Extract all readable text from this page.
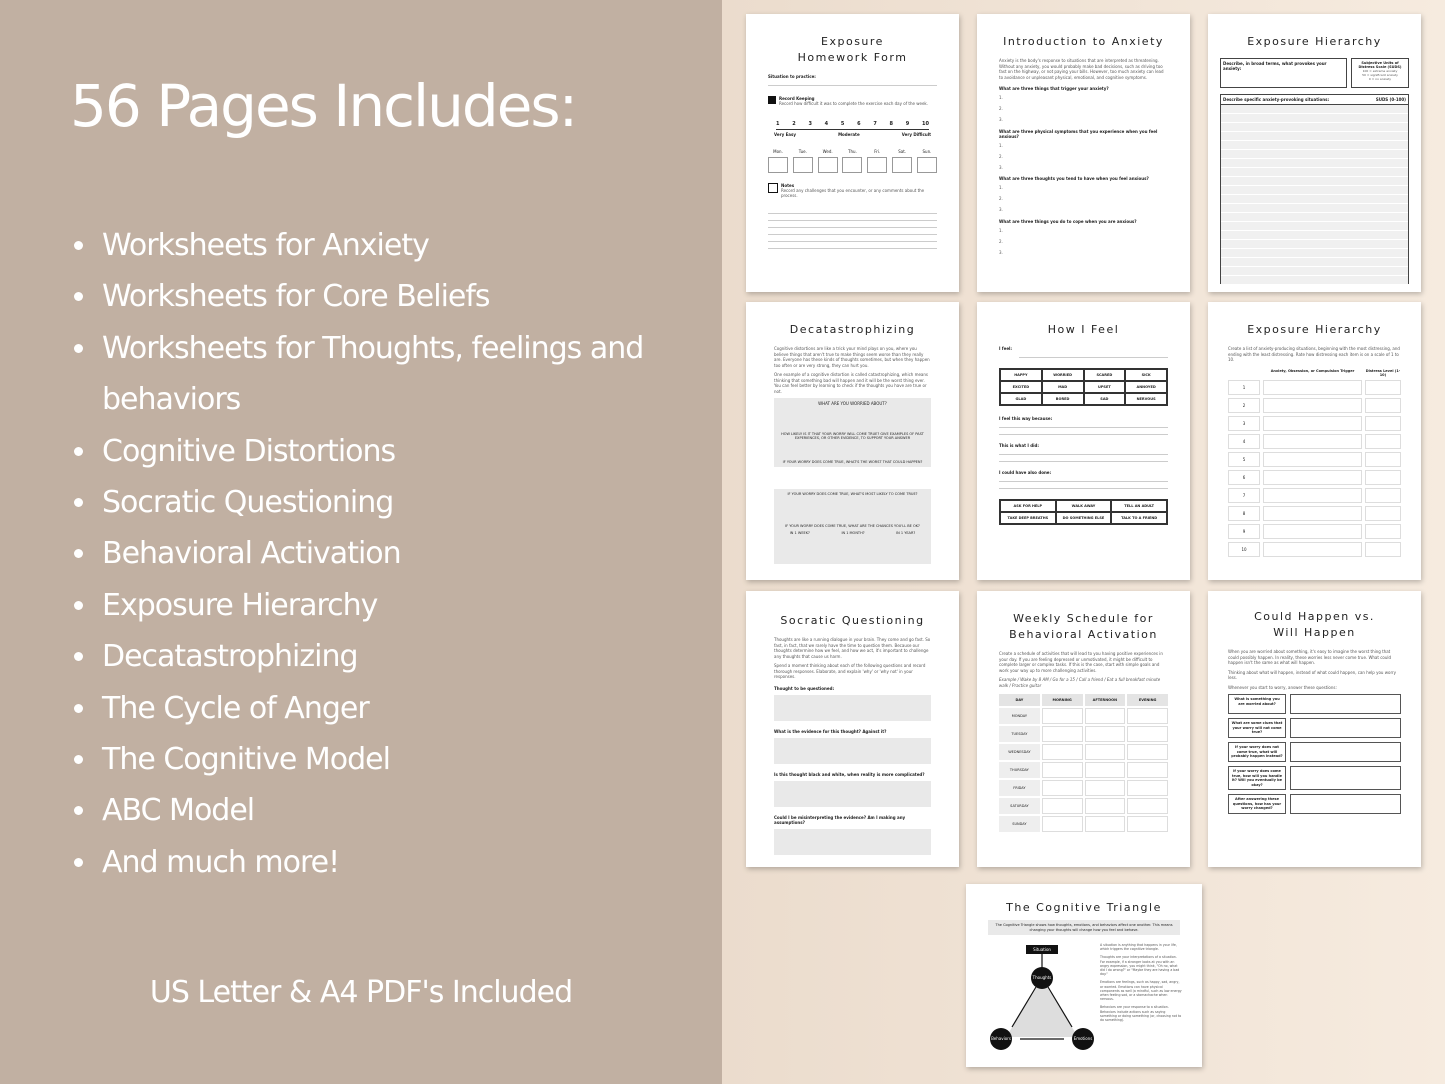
56 Pages Includes:
Worksheets for Anxiety
Worksheets for Core Beliefs
Worksheets for Thoughts, feelings and behaviors
Cognitive Distortions
Socratic Questioning
Behavioral Activation
Exposure Hierarchy
Decatastrophizing
The Cycle of Anger
The Cognitive Model
ABC Model
And much more!
US Letter & A4 PDF's Included
Exposure Homework Form
Situation to practice:
Record Keeping
Record how difficult it was to complete the exercise each day of the week.
1	2	3	4	5	6	7	8	9	10
Very Easy	Moderate	Very Difficult
Mon.	Tue.	Wed.	Thu.	Fri.	Sat.	Sun.
Notes
Record any challenges that you encounter, or any comments about the process.
Introduction to Anxiety
Anxiety is the body's response to situations that are interpreted as threatening. Without any anxiety, you would probably make bad decisions, such as driving too fast on the highway, or not paying your bills. However, too much anxiety can lead to avoidance or unpleasant physical, emotional, and cognitive symptoms.
What are three things that trigger your anxiety?
1.

2.

3.
What are three physical symptoms that you experience when you feel anxious?
1.

2.

3.
What are three thoughts you tend to have when you feel anxious?
1.

2.

3.
What are three things you do to cope when you are anxious?
1.

2.

3.
Exposure Hierarchy
Describe, in broad terms, what provokes your anxiety:
Subjective Units of Distress Scale (SUDS)
100 = extreme anxiety
50 = significant anxiety
0 = no anxiety
Describe specific anxiety-provoking situations:	SUDS (0-100)
Decatastrophizing
Cognitive distortions are like a trick your mind plays on you, where you believe things that aren't true to make things seem worse than they really are. Everyone has these kinds of thoughts sometimes, but when they happen too often or are very strong, they can hurt you.
One example of a cognitive distortion is called catastrophizing, which means thinking that something bad will happen and it will be the worst thing ever. You can feel better by learning to check if the thoughts you have are true or not.
WHAT ARE YOU WORRIED ABOUT?
HOW LIKELY IS IT THAT YOUR WORRY WILL COME TRUE? GIVE EXAMPLES OF PAST EXPERIENCES, OR OTHER EVIDENCE, TO SUPPORT YOUR ANSWER
IF YOUR WORRY DOES COME TRUE, WHAT'S THE WORST THAT COULD HAPPEN?
IF YOUR WORRY DOES COME TRUE, WHAT'S MOST LIKELY TO COME TRUE?
IF YOUR WORRY DOES COME TRUE, WHAT ARE THE CHANCES YOU'LL BE OK?
IN 1 WEEK?	IN 1 MONTH?	IN 1 YEAR?
How I Feel
I feel:
HAPPY	WORRIED	SCARED	SICK
EXCITED	MAD	UPSET	ANNOYED
GLAD	BORED	SAD	NERVOUS
I feel this way because:
This is what I did:
I could have also done:
ASK FOR HELP	WALK AWAY	TELL AN ADULT
TAKE DEEP BREATHS	DO SOMETHING ELSE	TALK TO A FRIEND
Exposure Hierarchy
Create a list of anxiety-producing situations, beginning with the most distressing, and ending with the least distressing. Rate how distressing each item is on a scale of 1 to 10.
Anxiety, Obsession, or Compulsion Trigger	Distress Level (1-10)
1
2
3
4
5
6
7
8
9
10
Socratic Questioning
Thoughts are like a running dialogue in your brain. They come and go fast. So fast, in fact, that we rarely have the time to question them. Because our thoughts determine how we feel, and how we act, it's important to challenge any thoughts that cause us harm.
Spend a moment thinking about each of the following questions and record thorough responses. Elaborate, and explain 'why' or 'why not' in your responses.
Thought to be questioned:
What is the evidence for this thought? Against it?
Is this thought black and white, when reality is more complicated?
Could I be misinterpreting the evidence? Am I making any assumptions?
Weekly Schedule for Behavioral Activation
Create a schedule of activities that will lead to you having positive experiences in your day. If you are feeling depressed or unmotivated, it might be difficult to complete larger or complex tasks. If this is the case, start with simple goals and work your way up to more challenging activities.
Example / Wake by 8 AM / Go for a 15 / Call a friend / Eat a full breakfast minute walk / Practice guitar
DAY	MORNING	AFTERNOON	EVENING
MONDAY
TUESDAY
WEDNESDAY
THURSDAY
FRIDAY
SATURDAY
SUNDAY
Could Happen vs. Will Happen
When you are worried about something, it's easy to imagine the worst thing that could possibly happen. In reality, these worries less never come true. What could happen isn't the same as what will happen.
Thinking about what will happen, instead of what could happen, can help you worry less.
Whenever you start to worry, answer these questions:
What is something you are worried about?
What are some clues that your worry will not come true?
If your worry does not come true, what will probably happen instead?
If your worry does come true, how will you handle it? Will you eventually be okay?
After answering these questions, how has your worry changed?
The Cognitive Triangle
The Cognitive Triangle shows how thoughts, emotions, and behaviors affect one another. This means changing your thoughts will change how you feel and behave.
Situation
Thoughts
Behaviors	Emotions
A situation is anything that happens in your life, which triggers the cognitive triangle.
Thoughts are your interpretations of a situation. For example, if a stranger looks at you with an angry expression, you might think, "Oh no, what did I do wrong?" or "Maybe they are having a bad day."
Emotions are feelings, such as happy, sad, angry, or worried. Emotions can have physical components as well (a mindful, such as low energy when feeling sad, or a stomachache when nervous.
Behaviors are your response to a situation. Behaviors include actions such as saying something or doing something (or, choosing not to do something).
